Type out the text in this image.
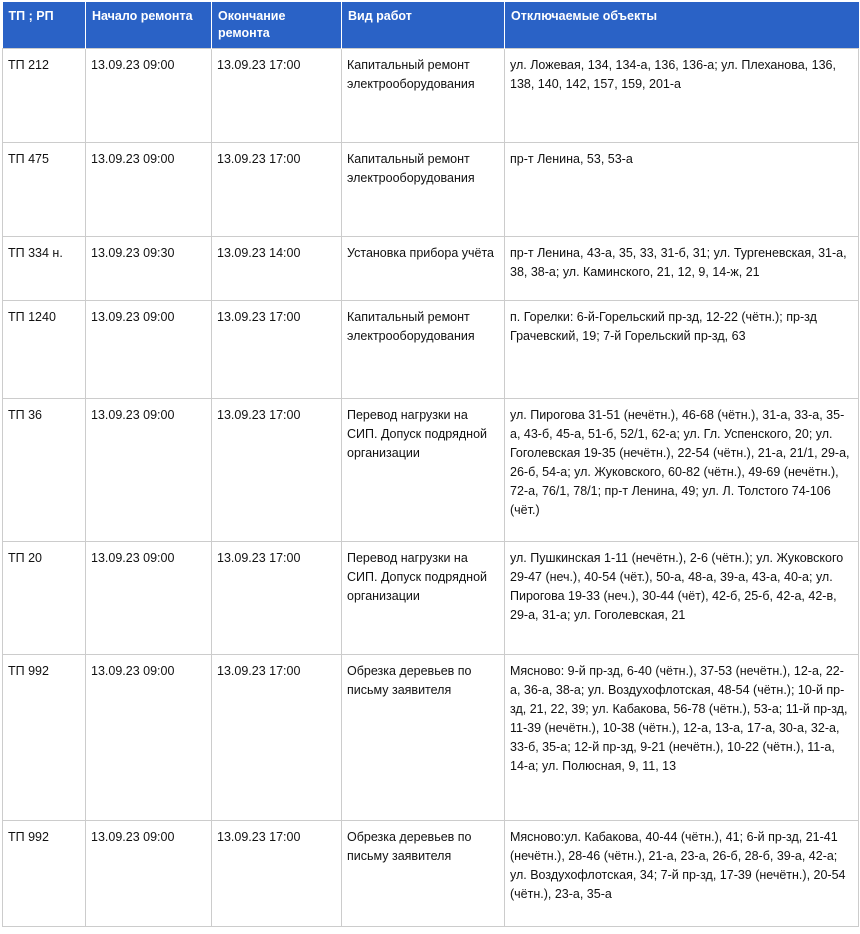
ТП ; РП	Начало ремонта	Окончание ремонта	Вид работ	Отключаемые объекты
ТП 212	13.09.23 09:00	13.09.23 17:00	Капитальный ремонт электрооборудования	ул. Ложевая, 134, 134-а, 136, 136-а; ул. Плеханова, 136, 138, 140, 142, 157, 159, 201-а
ТП 475	13.09.23 09:00	13.09.23 17:00	Капитальный ремонт электрооборудования	пр-т Ленина, 53, 53-а
ТП 334 н.	13.09.23 09:30	13.09.23 14:00	Установка прибора учёта	пр-т Ленина, 43-а, 35, 33, 31-б, 31; ул. Тургеневская, 31-а, 38, 38-а; ул. Каминского, 21, 12, 9, 14-ж, 21
ТП 1240	13.09.23 09:00	13.09.23 17:00	Капитальный ремонт электрооборудования	п. Горелки: 6-й-Горельский пр-зд, 12-22 (чётн.); пр-зд Грачевский, 19; 7-й Горельский пр-зд, 63
ТП 36	13.09.23 09:00	13.09.23 17:00	Перевод нагрузки на СИП. Допуск подрядной организации	ул. Пирогова 31-51 (нечётн.), 46-68 (чётн.), 31-а, 33-а, 35-а, 43-б, 45-а, 51-б, 52/1, 62-а; ул. Гл. Успенского, 20; ул. Гоголевская 19-35 (нечётн.), 22-54 (чётн.), 21-а, 21/1, 29-а, 26-б, 54-а; ул. Жуковского, 60-82 (чётн.), 49-69 (нечётн.), 72-а, 76/1, 78/1; пр-т Ленина, 49; ул. Л. Толстого 74-106 (чёт.)
ТП 20	13.09.23 09:00	13.09.23 17:00	Перевод нагрузки на СИП. Допуск подрядной организации	ул. Пушкинская 1-11 (нечётн.), 2-6 (чётн.); ул. Жуковского 29-47 (неч.), 40-54 (чёт.), 50-а, 48-а, 39-а, 43-а, 40-а; ул. Пирогова 19-33 (неч.), 30-44 (чёт), 42-б, 25-б, 42-а, 42-в, 29-а, 31-а; ул. Гоголевская, 21
ТП 992	13.09.23 09:00	13.09.23 17:00	Обрезка деревьев по письму заявителя	Мясново: 9-й пр-зд, 6-40 (чётн.), 37-53 (нечётн.), 12-а, 22-а, 36-а, 38-а; ул. Воздухофлотская, 48-54 (чётн.); 10-й пр-зд, 21, 22, 39; ул. Кабакова, 56-78 (чётн.), 53-а; 11-й пр-зд, 11-39 (нечётн.), 10-38 (чётн.), 12-а, 13-а, 17-а, 30-а, 32-а, 33-б, 35-а; 12-й пр-зд, 9-21 (нечётн.), 10-22 (чётн.), 11-а, 14-а; ул. Полюсная, 9, 11, 13
ТП 992	13.09.23 09:00	13.09.23 17:00	Обрезка деревьев по письму заявителя	Мясново:ул. Кабакова, 40-44 (чётн.), 41; 6-й пр-зд, 21-41 (нечётн.), 28-46 (чётн.), 21-а, 23-а, 26-б, 28-б, 39-а, 42-а; ул. Воздухофлотская, 34; 7-й пр-зд, 17-39 (нечётн.), 20-54 (чётн.), 23-а, 35-а
